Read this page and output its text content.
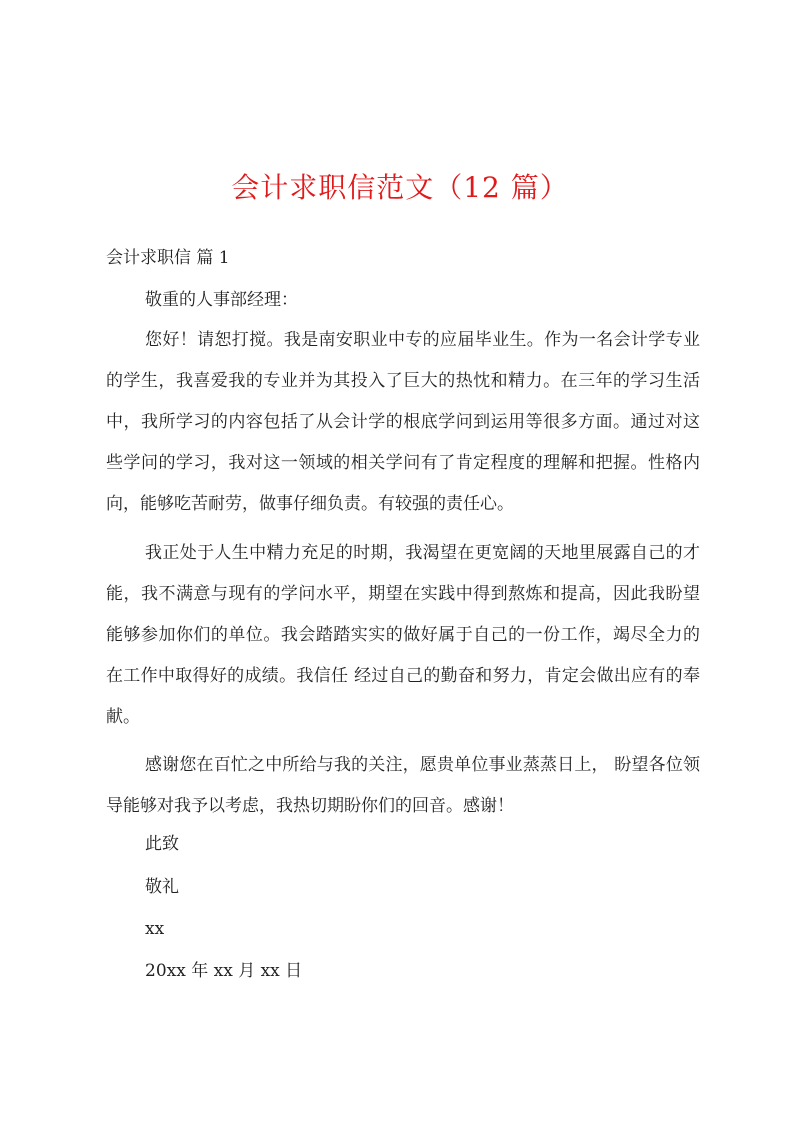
会计求职信范文（12 篇）
会计求职信 篇 1
敬重的人事部经理：
您好！请恕打搅。我是南安职业中专的应届毕业生。作为一名会计学专业的学生，我喜爱我的专业并为其投入了巨大的热忱和精力。在三年的学习生活中，我所学习的内容包括了从会计学的根底学问到运用等很多方面。通过对这些学问的学习，我对这一领域的相关学问有了肯定程度的理解和把握。性格内向，能够吃苦耐劳，做事仔细负责。有较强的责任心。
我正处于人生中精力充足的时期，我渴望在更宽阔的天地里展露自己的才能，我不满意与现有的学问水平，期望在实践中得到熬炼和提高，因此我盼望能够参加你们的单位。我会踏踏实实的做好属于自己的一份工作，竭尽全力的在工作中取得好的成绩。我信任 经过自己的勤奋和努力，肯定会做出应有的奉献。
感谢您在百忙之中所给与我的关注，愿贵单位事业蒸蒸日上， 盼望各位领导能够对我予以考虑，我热切期盼你们的回音。感谢！
此致
敬礼
xx
20xx 年 xx 月 xx 日
